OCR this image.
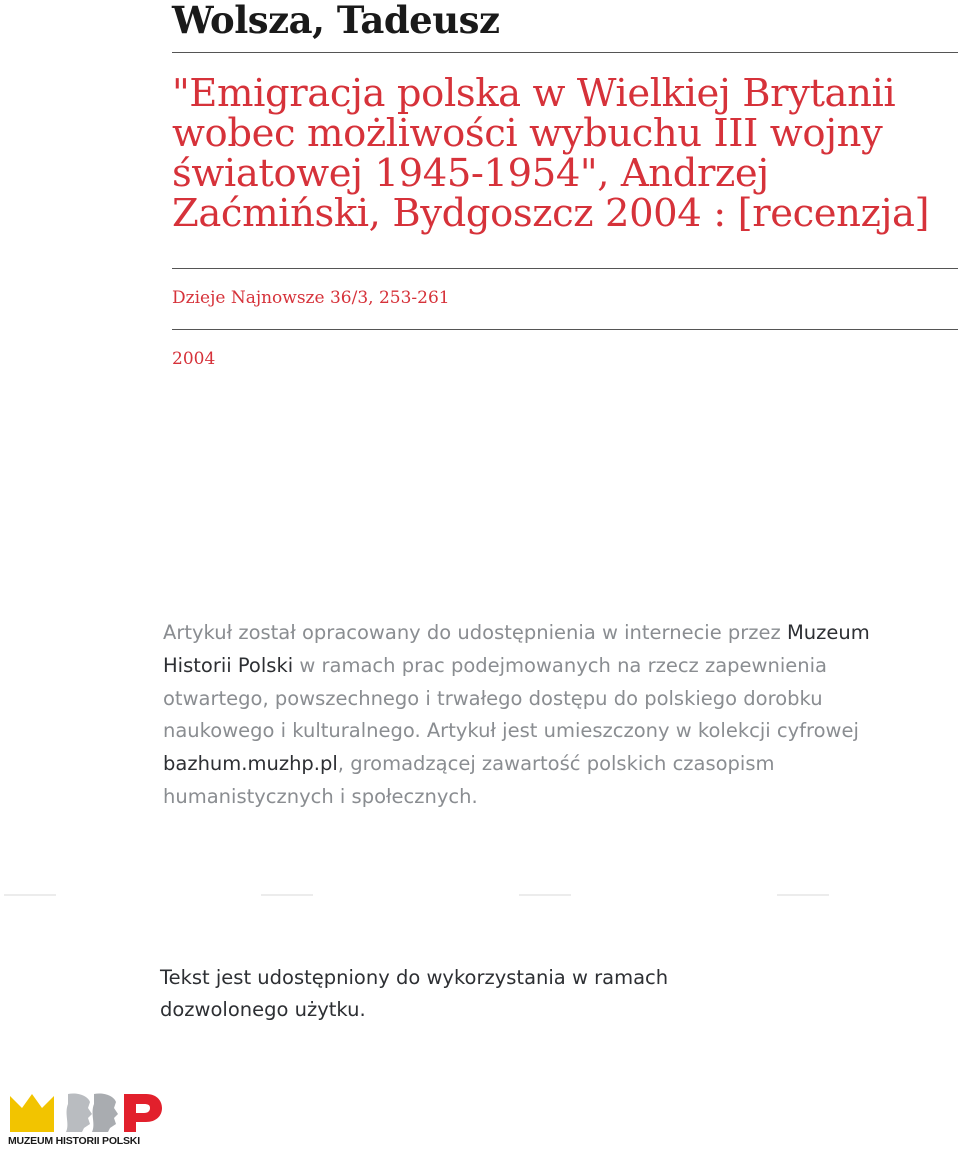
Wolsza, Tadeusz
"Emigracja polska w Wielkiej Brytanii wobec możliwości wybuchu III wojny światowej 1945-1954", Andrzej Zaćmiński, Bydgoszcz 2004 : [recenzja]
Dzieje Najnowsze 36/3, 253-261
2004
Artykuł został opracowany do udostępnienia w internecie przez Muzeum Historii Polski w ramach prac podejmowanych na rzecz zapewnienia otwartego, powszechnego i trwałego dostępu do polskiego dorobku naukowego i kulturalnego. Artykuł jest umieszczony w kolekcji cyfrowej bazhum.muzhp.pl, gromadzącej zawartość polskich czasopism humanistycznych i społecznych.
Tekst jest udostępniony do wykorzystania w ramach dozwolonego użytku.
MUZEUM HISTORII POLSKI
